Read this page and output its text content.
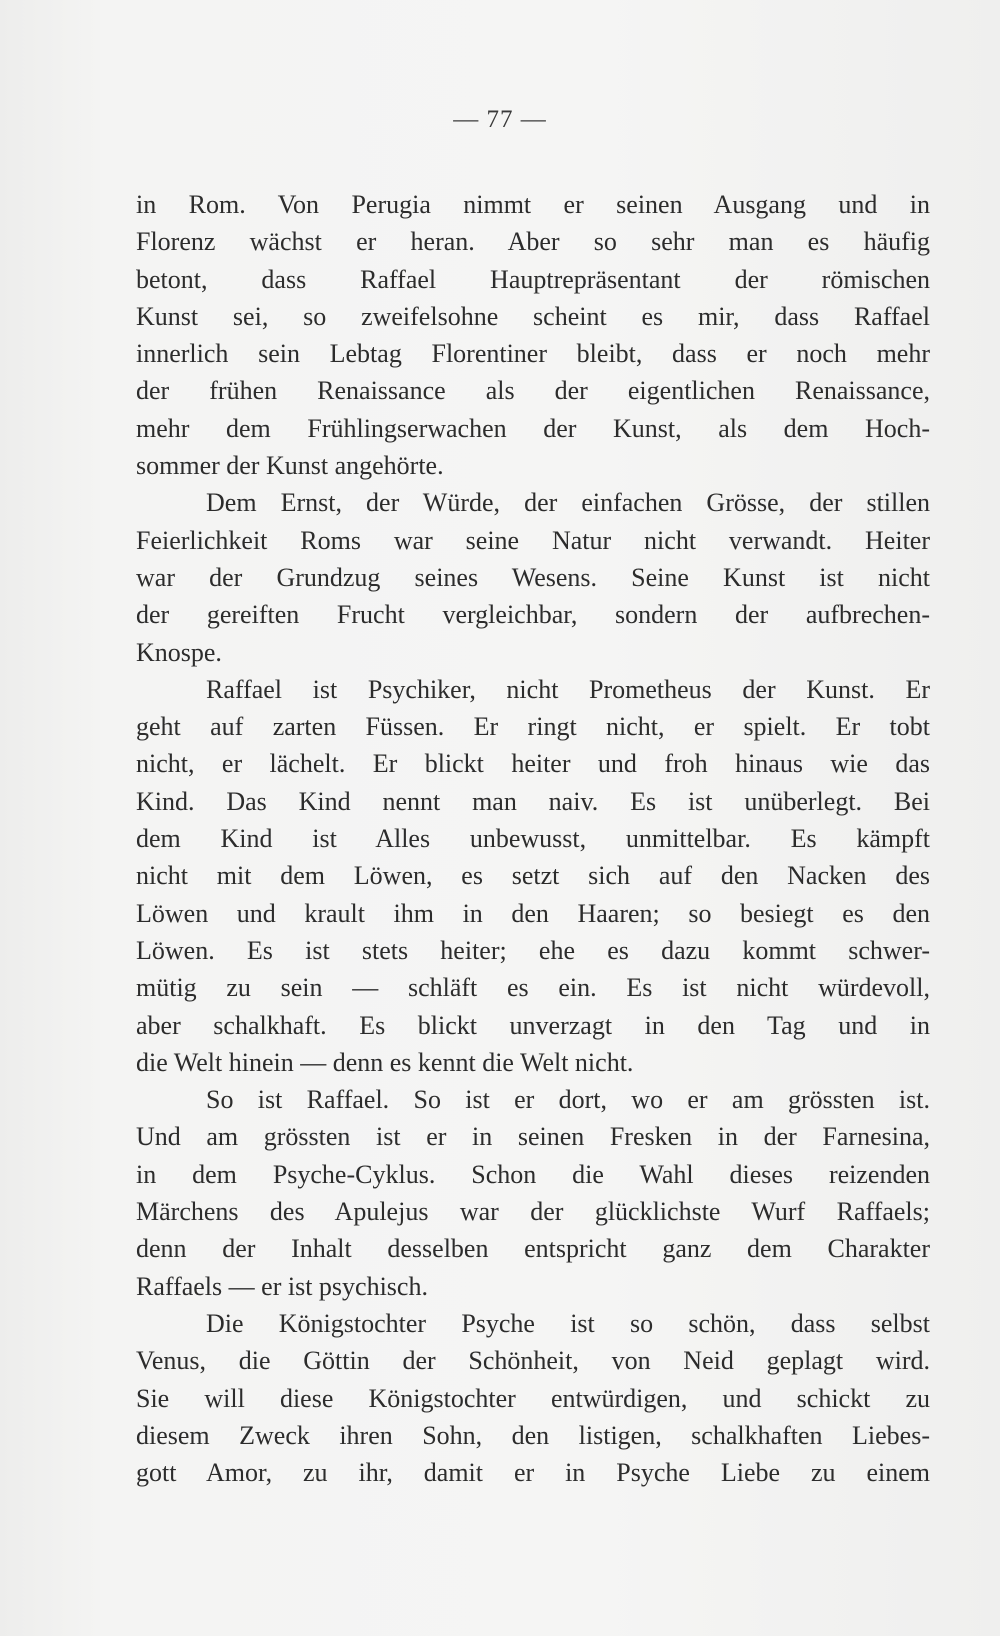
— 77 —
in Rom. Von Perugia nimmt er seinen Ausgang und in
Florenz wächst er heran. Aber so sehr man es häufig
betont, dass Raffael Hauptrepräsentant der römischen
Kunst sei, so zweifelsohne scheint es mir, dass Raffael
innerlich sein Lebtag Florentiner bleibt, dass er noch mehr
der frühen Renaissance als der eigentlichen Renaissance,
mehr dem Frühlingserwachen der Kunst, als dem Hoch-
sommer der Kunst angehörte.
Dem Ernst, der Würde, der einfachen Grösse, der stillen
Feierlichkeit Roms war seine Natur nicht verwandt. Heiter
war der Grundzug seines Wesens. Seine Kunst ist nicht
der gereiften Frucht vergleichbar, sondern der aufbrechen-
Knospe.
Raffael ist Psychiker, nicht Prometheus der Kunst. Er
geht auf zarten Füssen. Er ringt nicht, er spielt. Er tobt
nicht, er lächelt. Er blickt heiter und froh hinaus wie das
Kind. Das Kind nennt man naiv. Es ist unüberlegt. Bei
dem Kind ist Alles unbewusst, unmittelbar. Es kämpft
nicht mit dem Löwen, es setzt sich auf den Nacken des
Löwen und krault ihm in den Haaren; so besiegt es den
Löwen. Es ist stets heiter; ehe es dazu kommt schwer-
mütig zu sein — schläft es ein. Es ist nicht würdevoll,
aber schalkhaft. Es blickt unverzagt in den Tag und in
die Welt hinein — denn es kennt die Welt nicht.
So ist Raffael. So ist er dort, wo er am grössten ist.
Und am grössten ist er in seinen Fresken in der Farnesina,
in dem Psyche-Cyklus. Schon die Wahl dieses reizenden
Märchens des Apulejus war der glücklichste Wurf Raffaels;
denn der Inhalt desselben entspricht ganz dem Charakter
Raffaels — er ist psychisch.
Die Königstochter Psyche ist so schön, dass selbst
Venus, die Göttin der Schönheit, von Neid geplagt wird.
Sie will diese Königstochter entwürdigen, und schickt zu
diesem Zweck ihren Sohn, den listigen, schalkhaften Liebes-
gott Amor, zu ihr, damit er in Psyche Liebe zu einem
